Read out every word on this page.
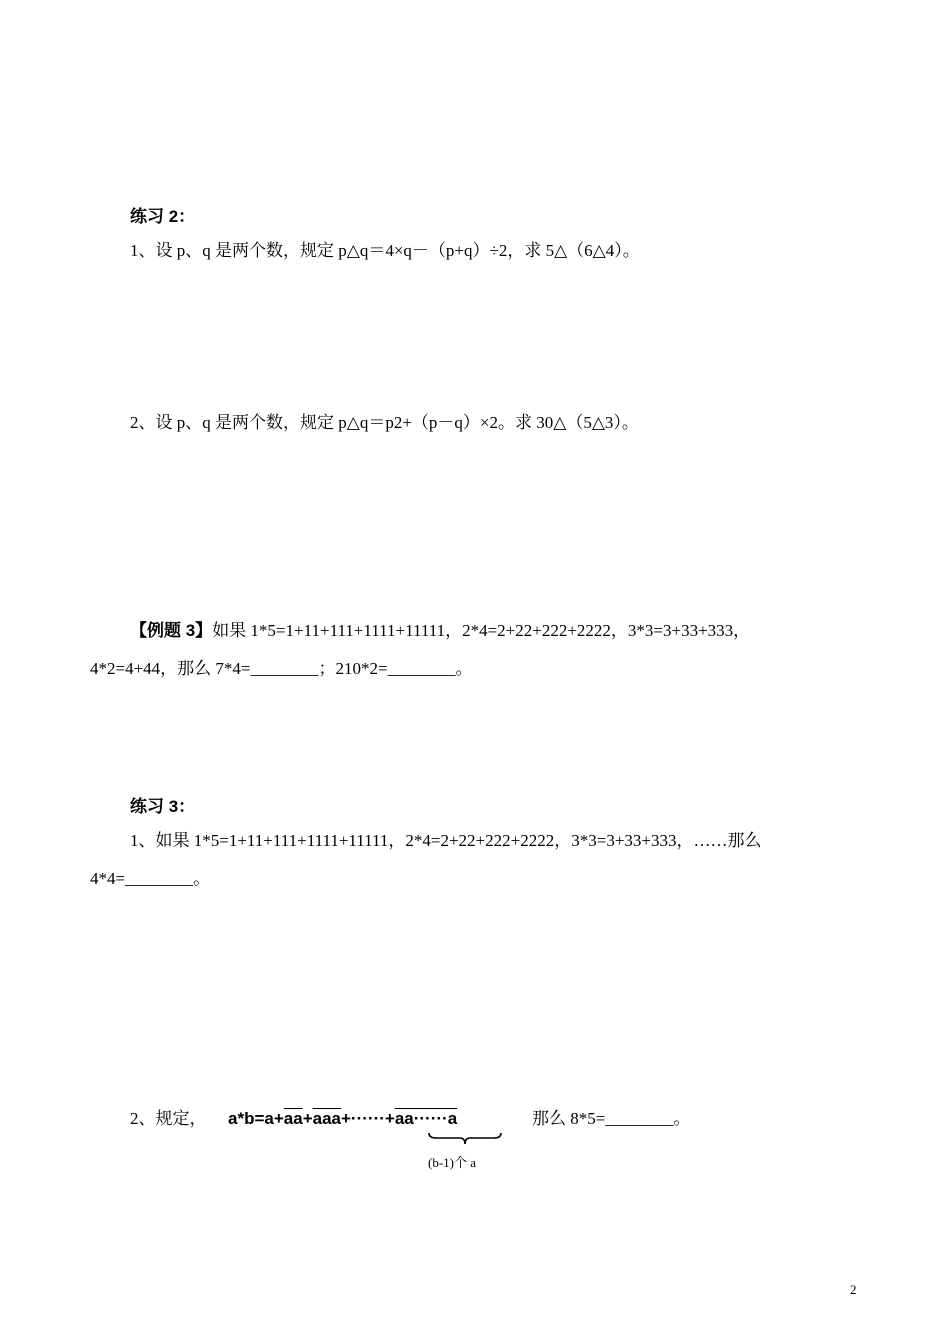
练习 2：
1、设 p、q 是两个数，规定 p△q＝4×q－（p+q）÷2，求 5△（6△4）。
2、设 p、q 是两个数，规定 p△q＝p2+（p－q）×2。求 30△（5△3）。
【例题 3】如果 1*5=1+11+111+1111+11111，2*4=2+22+222+2222，3*3=3+33+333，
4*2=4+44，那么 7*4=________；210*2=________。
练习 3：
1、如果 1*5=1+11+111+1111+11111，2*4=2+22+222+2222，3*3=3+33+333，……那么
4*4=________。
2、规定， $a*b=a+\overline{aa}+\overline{aaa}+\cdot\cdot\cdot\cdot\cdot\cdot+aa\cdot\cdot\cdot\cdot\cdot\cdot a$
(b-1)个 a
那么 8*5=________。
2
